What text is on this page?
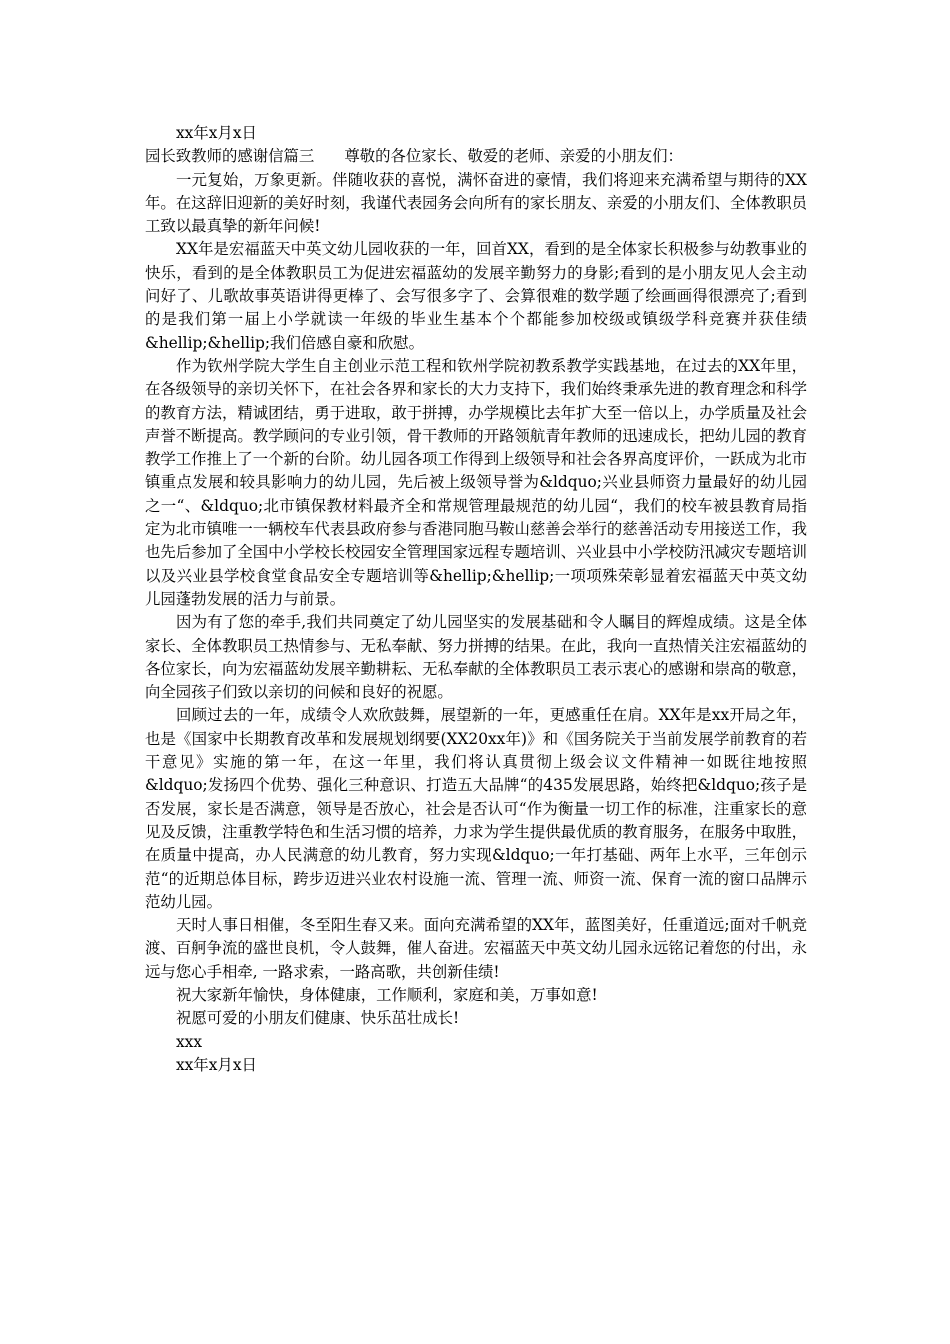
xx年x月x日

园长致教师的感谢信篇三 尊敬的各位家长、敬爱的老师、亲爱的小朋友们：

一元复始，万象更新。伴随收获的喜悦，满怀奋进的豪情，我们将迎来充满希望与期待的XX年。在这辞旧迎新的美好时刻，我谨代表园务会向所有的家长朋友、亲爱的小朋友们、全体教职员工致以最真挚的新年问候!

XX年是宏福蓝天中英文幼儿园收获的一年，回首XX，看到的是全体家长积极参与幼教事业的快乐，看到的是全体教职员工为促进宏福蓝幼的发展辛勤努力的身影;看到的是小朋友见人会主动问好了、儿歌故事英语讲得更棒了、会写很多字了、会算很难的数学题了绘画画得很漂亮了;看到的是我们第一届上小学就读一年级的毕业生基本个个都能参加校级或镇级学科竞赛并获佳绩&hellip;&hellip;我们倍感自豪和欣慰。

作为钦州学院大学生自主创业示范工程和钦州学院初教系教学实践基地，在过去的XX年里，在各级领导的亲切关怀下，在社会各界和家长的大力支持下，我们始终秉承先进的教育理念和科学的教育方法，精诚团结，勇于进取，敢于拼搏，办学规模比去年扩大至一倍以上，办学质量及社会声誉不断提高。教学顾问的专业引领，骨干教师的开路领航青年教师的迅速成长，把幼儿园的教育教学工作推上了一个新的台阶。幼儿园各项工作得到上级领导和社会各界高度评价，一跃成为北市镇重点发展和较具影响力的幼儿园，先后被上级领导誉为&ldquo;兴业县师资力量最好的幼儿园之一“、&ldquo;北市镇保教材料最齐全和常规管理最规范的幼儿园“，我们的校车被县教育局指定为北市镇唯一一辆校车代表县政府参与香港同胞马鞍山慈善会举行的慈善活动专用接送工作，我也先后参加了全国中小学校长校园安全管理国家远程专题培训、兴业县中小学校防汛减灾专题培训以及兴业县学校食堂食品安全专题培训等&hellip;&hellip;一项项殊荣彰显着宏福蓝天中英文幼儿园蓬勃发展的活力与前景。

因为有了您的牵手,我们共同奠定了幼儿园坚实的发展基础和令人瞩目的辉煌成绩。这是全体家长、全体教职员工热情参与、无私奉献、努力拼搏的结果。在此，我向一直热情关注宏福蓝幼的各位家长，向为宏福蓝幼发展辛勤耕耘、无私奉献的全体教职员工表示衷心的感谢和崇高的敬意，向全园孩子们致以亲切的问候和良好的祝愿。

回顾过去的一年，成绩令人欢欣鼓舞，展望新的一年，更感重任在肩。XX年是xx开局之年，也是《国家中长期教育改革和发展规划纲要(XX20xx年)》和《国务院关于当前发展学前教育的若干意见》实施的第一年，在这一年里，我们将认真贯彻上级会议文件精神一如既往地按照&ldquo;发扬四个优势、强化三种意识、打造五大品牌“的435发展思路，始终把&ldquo;孩子是否发展，家长是否满意，领导是否放心，社会是否认可“作为衡量一切工作的标准，注重家长的意见及反馈，注重教学特色和生活习惯的培养，力求为学生提供最优质的教育服务，在服务中取胜，在质量中提高，办人民满意的幼儿教育，努力实现&ldquo;一年打基础、两年上水平，三年创示范“的近期总体目标，跨步迈进兴业农村设施一流、管理一流、师资一流、保育一流的窗口品牌示范幼儿园。

天时人事日相催，冬至阳生春又来。面向充满希望的XX年，蓝图美好，任重道远;面对千帆竞渡、百舸争流的盛世良机，令人鼓舞，催人奋进。宏福蓝天中英文幼儿园永远铭记着您的付出，永远与您心手相牵, 一路求索，一路高歌，共创新佳绩!

祝大家新年愉快，身体健康，工作顺利，家庭和美，万事如意!

祝愿可爱的小朋友们健康、快乐茁壮成长!

xxx

xx年x月x日
